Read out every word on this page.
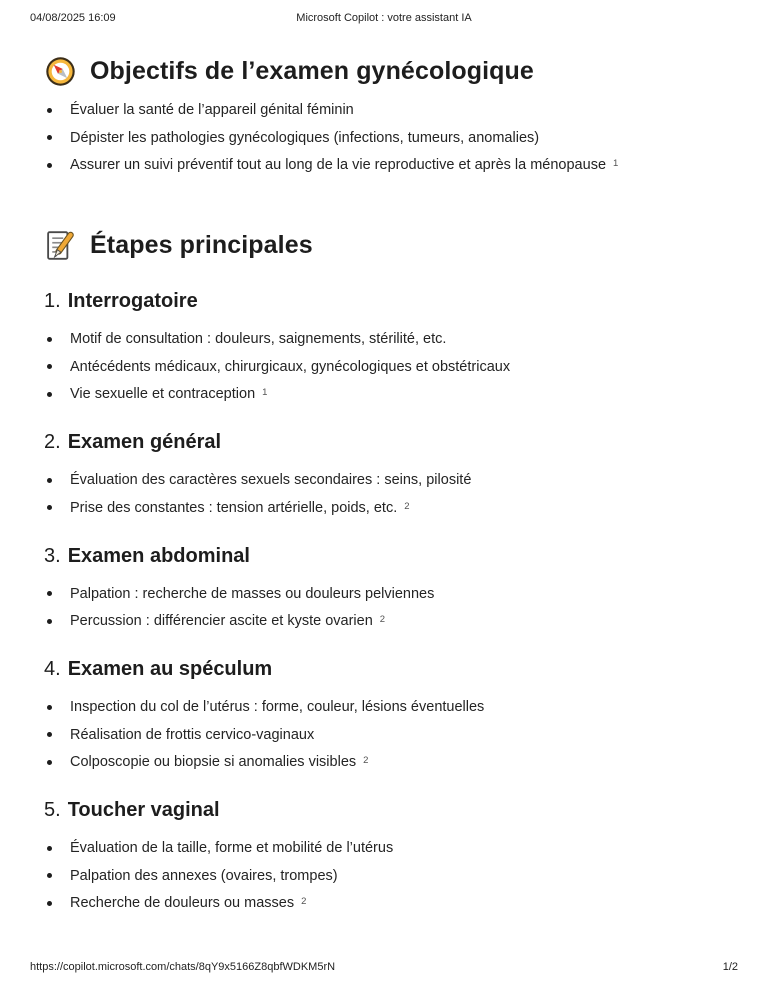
04/08/2025 16:09	Microsoft Copilot : votre assistant IA
Objectifs de l’examen gynécologique
Évaluer la santé de l’appareil génital féminin
Dépister les pathologies gynécologiques (infections, tumeurs, anomalies)
Assurer un suivi préventif tout au long de la vie reproductive et après la ménopause $^1$
Étapes principales
1. Interrogatoire
Motif de consultation : douleurs, saignements, stérilité, etc.
Antécédents médicaux, chirurgicaux, gynécologiques et obstétricaux
Vie sexuelle et contraception $^1$
2. Examen général
Évaluation des caractères sexuels secondaires : seins, pilosité
Prise des constantes : tension artérielle, poids, etc. $^2$
3. Examen abdominal
Palpation : recherche de masses ou douleurs pelviennes
Percussion : différencier ascite et kyste ovarien $^2$
4. Examen au spéculum
Inspection du col de l’utérus : forme, couleur, lésions éventuelles
Réalisation de frottis cervico-vaginaux
Colposcopie ou biopsie si anomalies visibles $^2$
5. Toucher vaginal
Évaluation de la taille, forme et mobilité de l’utérus
Palpation des annexes (ovaires, trompes)
Recherche de douleurs ou masses $^2$
https://copilot.microsoft.com/chats/8qY9x5166Z8qbfWDKM5rN	1/2
